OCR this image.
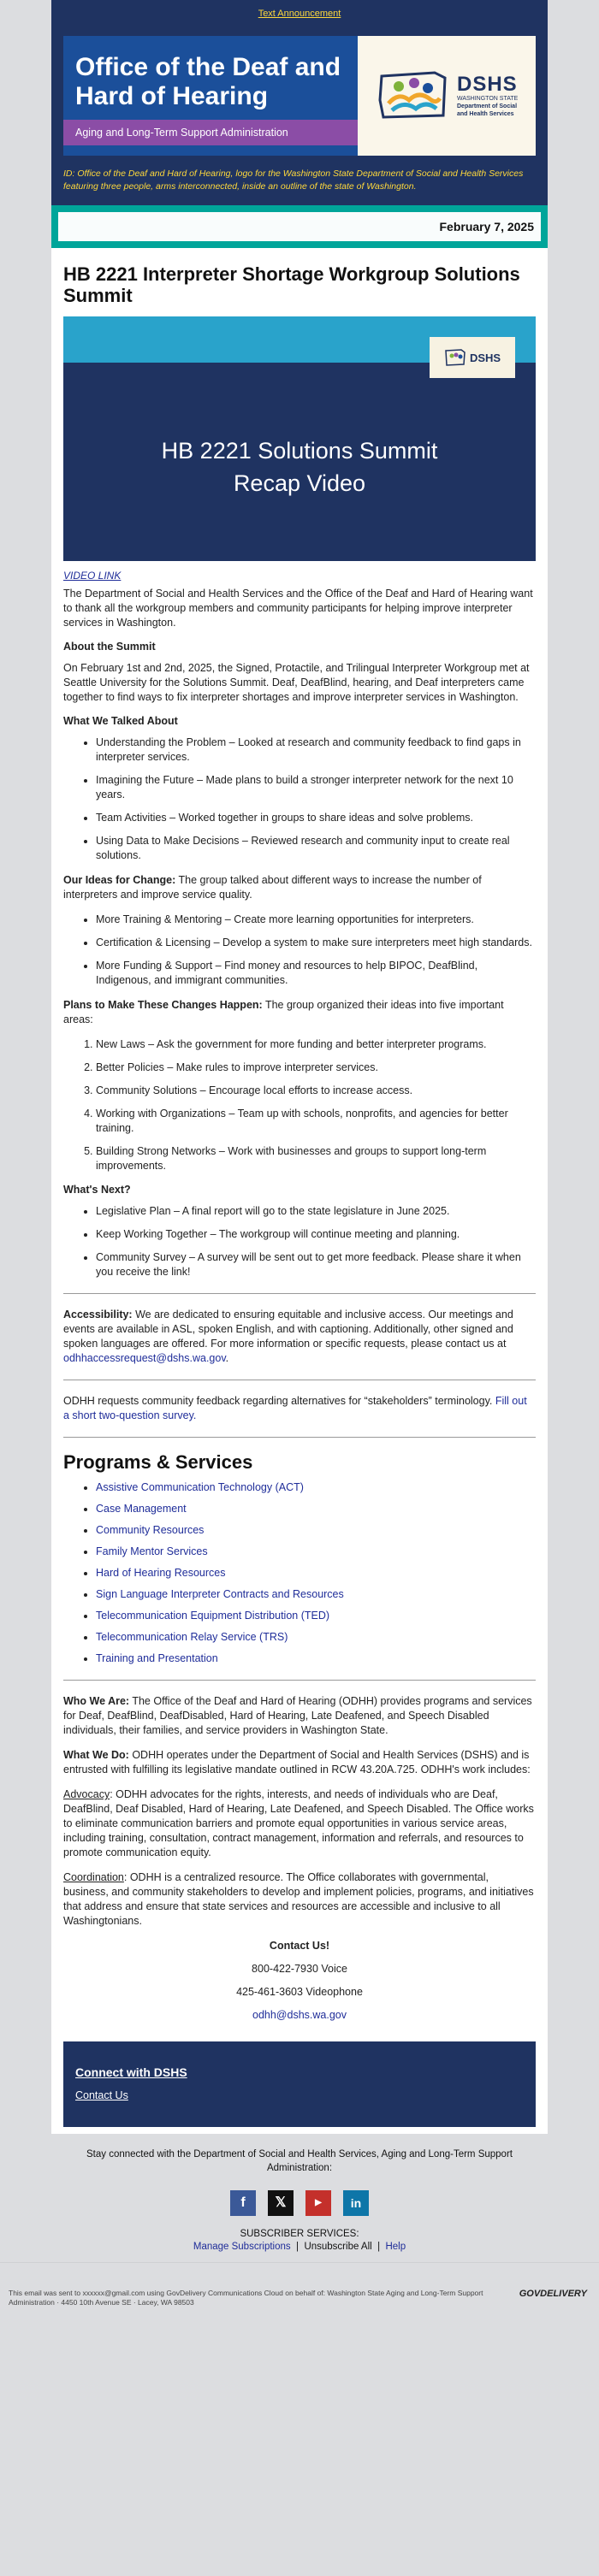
Text Announcement
Office of the Deaf and Hard of Hearing
Aging and Long-Term Support Administration
DSHS
WASHINGTON STATE
Department of Social and Health Services
ID: Office of the Deaf and Hard of Hearing, logo for the Washington State Department of Social and Health Services featuring three people, arms interconnected, inside an outline of the state of Washington.
February 7, 2025
HB 2221 Interpreter Shortage Workgroup Solutions Summit
DSHS
HB 2221 Solutions Summit
Recap Video
VIDEO LINK

The Department of Social and Health Services and the Office of the Deaf and Hard of Hearing want to thank all the workgroup members and community participants for helping improve interpreter services in Washington.

About the Summit

On February 1st and 2nd, 2025, the Signed, Protactile, and Trilingual Interpreter Workgroup met at Seattle University for the Solutions Summit. Deaf, DeafBlind, hearing, and Deaf interpreters came together to find ways to fix interpreter shortages and improve interpreter services in Washington.

What We Talked About
• Understanding the Problem – Looked at research and community feedback to find gaps in interpreter services.
• Imagining the Future – Made plans to build a stronger interpreter network for the next 10 years.
• Team Activities – Worked together in groups to share ideas and solve problems.
• Using Data to Make Decisions – Reviewed research and community input to create real solutions.

Our Ideas for Change: The group talked about different ways to increase the number of interpreters and improve service quality.

• More Training & Mentoring – Create more learning opportunities for interpreters.
• Certification & Licensing – Develop a system to make sure interpreters meet high standards.
• More Funding & Support – Find money and resources to help BIPOC, DeafBlind, Indigenous, and immigrant communities.

Plans to Make These Changes Happen: The group organized their ideas into five important areas:

1. New Laws – Ask the government for more funding and better interpreter programs.
2. Better Policies – Make rules to improve interpreter services.
3. Community Solutions – Encourage local efforts to increase access.
4. Working with Organizations – Team up with schools, nonprofits, and agencies for better training.
5. Building Strong Networks – Work with businesses and groups to support long-term improvements.
What's Next?
• Legislative Plan – A final report will go to the state legislature in June 2025.
• Keep Working Together – The workgroup will continue meeting and planning.
• Community Survey – A survey will be sent out to get more feedback. Please share it when you receive the link!

Accessibility: We are dedicated to ensuring equitable and inclusive access. Our meetings and events are available in ASL, spoken English, and with captioning. Additionally, other signed and spoken languages are offered. For more information or specific requests, please contact us at odhhaccessrequest@dshs.wa.gov.

ODHH requests community feedback regarding alternatives for “stakeholders” terminology. Fill out a short two-question survey.

Programs & Services
• Assistive Communication Technology (ACT)
• Case Management
• Community Resources
• Family Mentor Services
• Hard of Hearing Resources
• Sign Language Interpreter Contracts and Resources
• Telecommunication Equipment Distribution (TED)
• Telecommunication Relay Service (TRS)
• Training and Presentation

Who We Are: The Office of the Deaf and Hard of Hearing (ODHH) provides programs and services for Deaf, DeafBlind, DeafDisabled, Hard of Hearing, Late Deafened, and Speech Disabled individuals, their families, and service providers in Washington State.

What We Do: ODHH operates under the Department of Social and Health Services (DSHS) and is entrusted with fulfilling its legislative mandate outlined in RCW 43.20A.725. ODHH's work includes:

Advocacy: ODHH advocates for the rights, interests, and needs of individuals who are Deaf, DeafBlind, Deaf Disabled, Hard of Hearing, Late Deafened, and Speech Disabled. The Office works to eliminate communication barriers and promote equal opportunities in various service areas, including training, consultation, contract management, information and referrals, and resources to promote communication equity.

Coordination: ODHH is a centralized resource. The Office collaborates with governmental, business, and community stakeholders to develop and implement policies, programs, and initiatives that address and ensure that state services and resources are accessible and inclusive to all Washingtonians.

Contact Us!

800-422-7930 Voice

425-461-3603 Videophone

odhh@dshs.wa.gov

Connect with DSHS
Contact Us
Stay connected with the Department of Social and Health Services, Aging and Long-Term Support Administration:
f	𝕏	▶	in
SUBSCRIBER SERVICES:
Manage Subscriptions  |  Unsubscribe All  |  Help
This email was sent to xxxxxx@gmail.com using GovDelivery Communications Cloud on behalf of: Washington State Aging and Long-Term Support Administration · 4450 10th Avenue SE · Lacey, WA 98503
GOVDELIVERY
